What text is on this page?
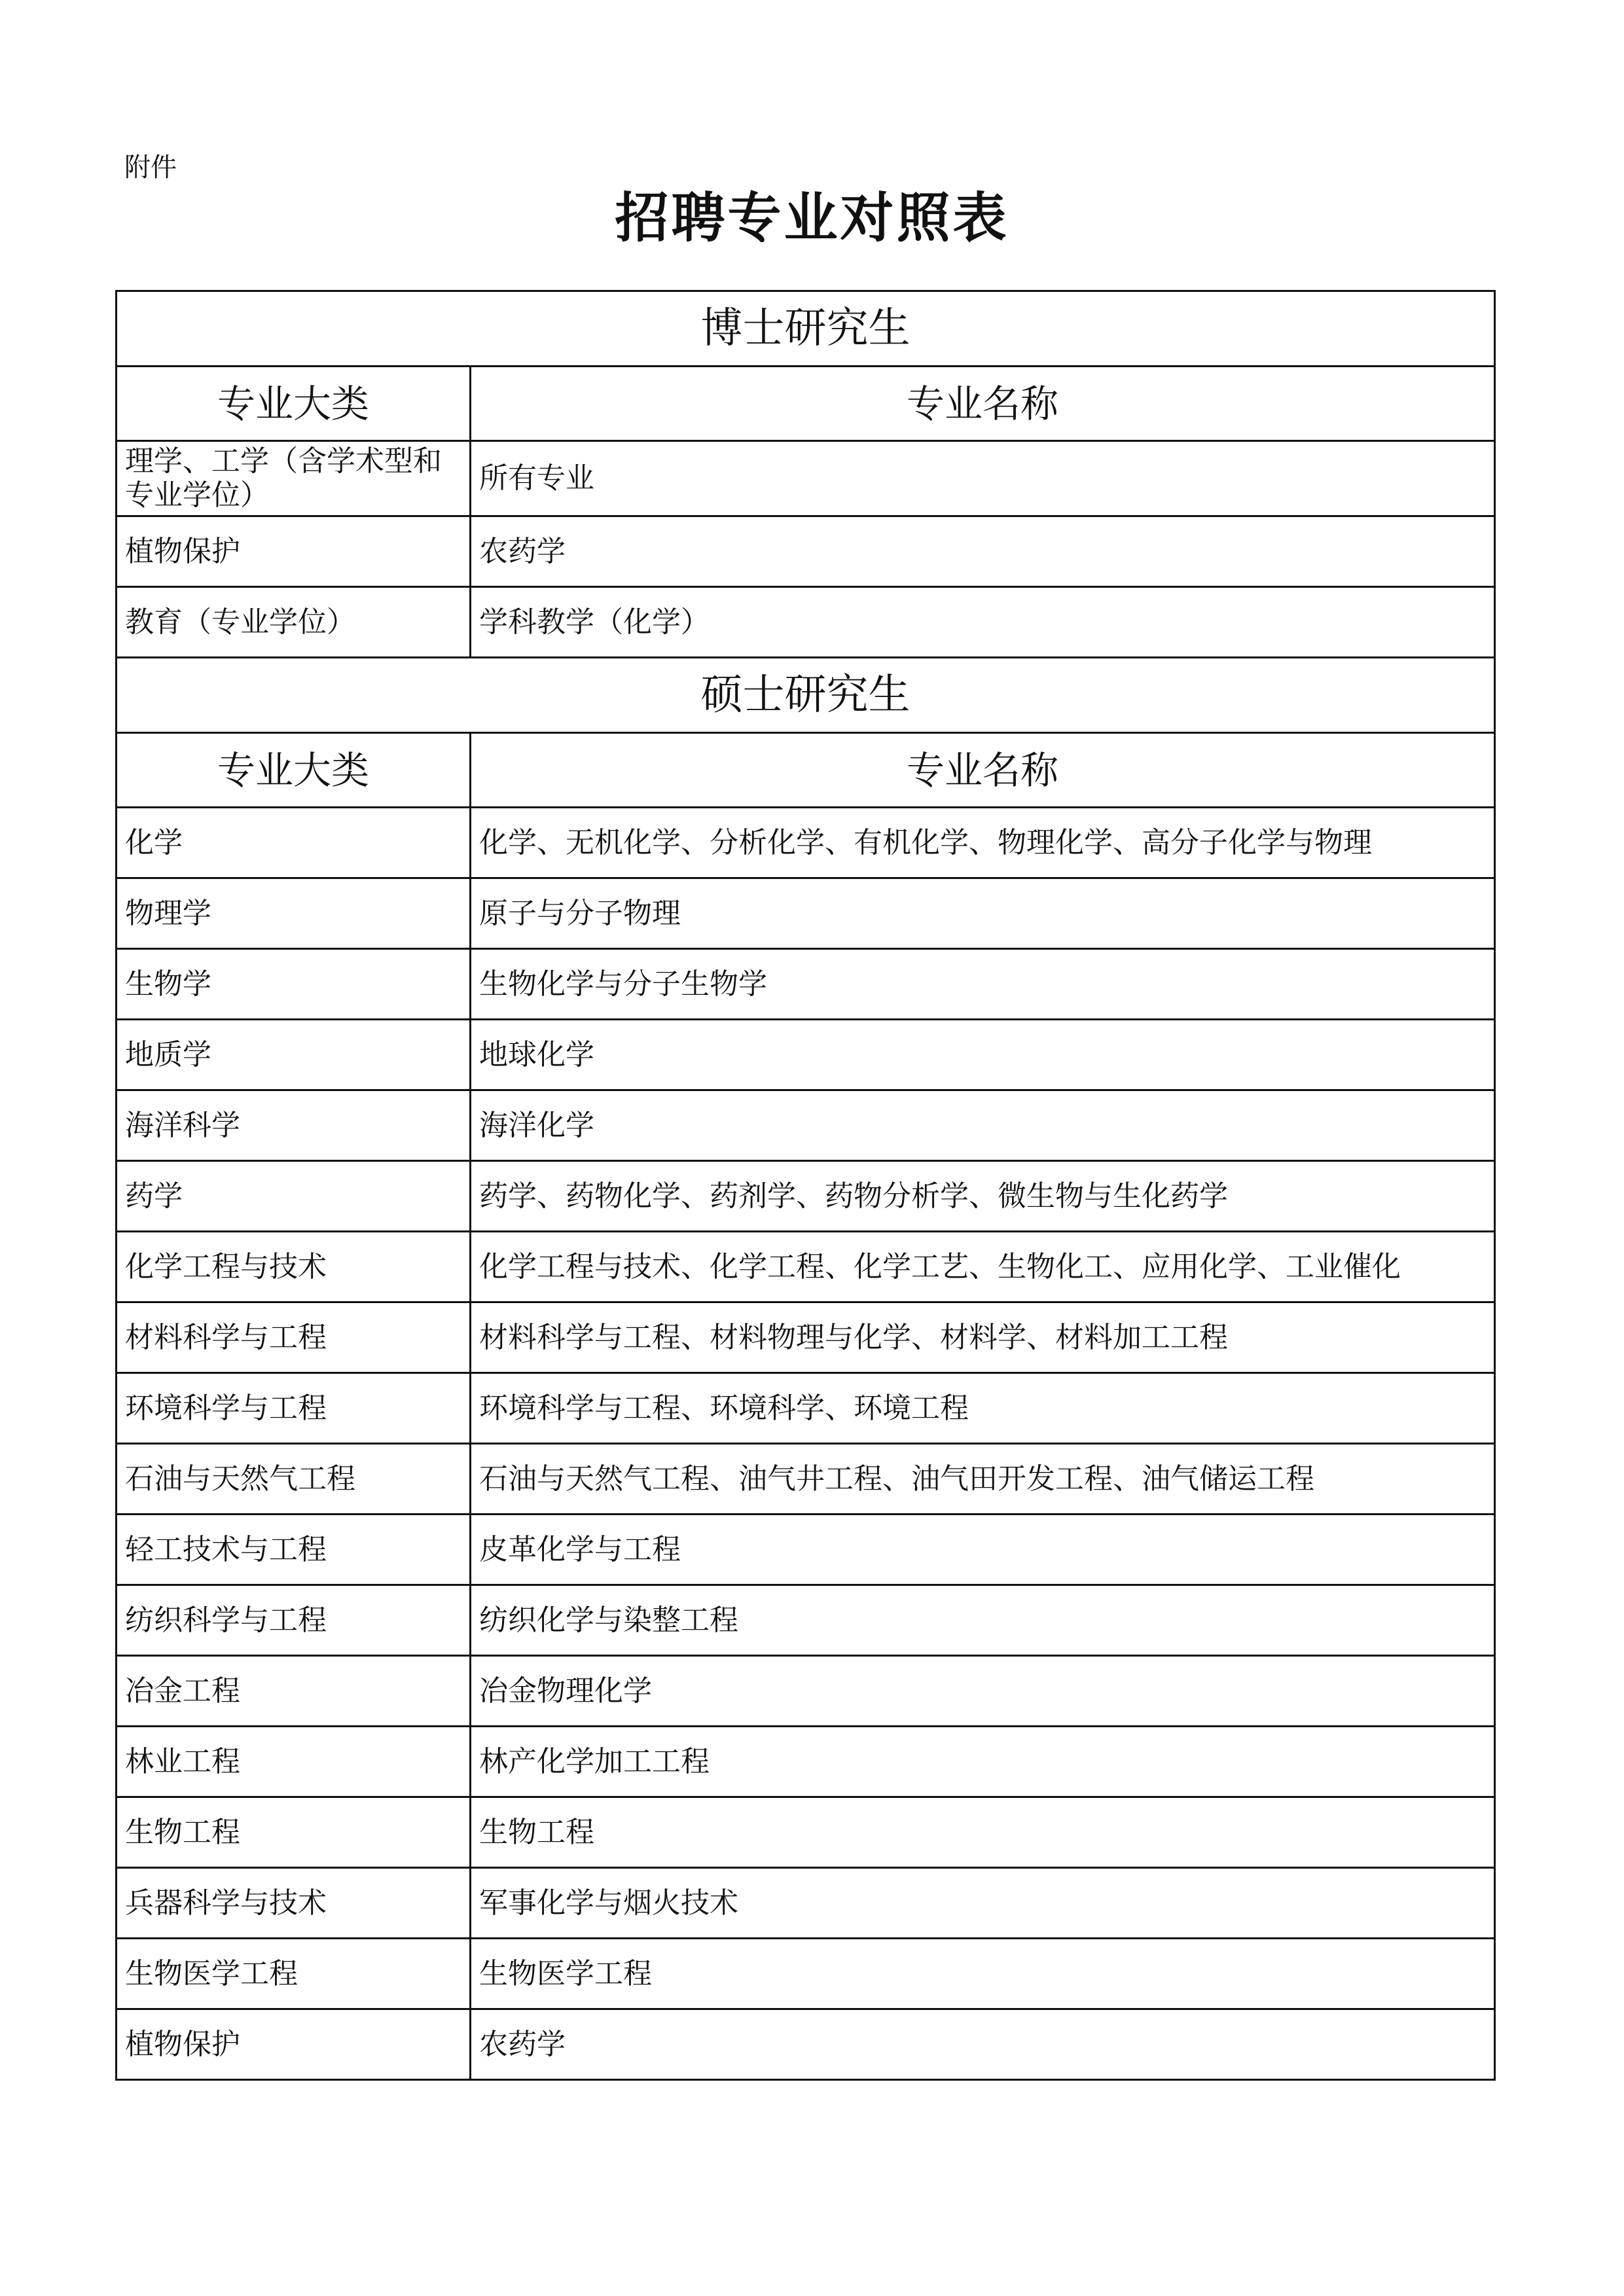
附件
招聘专业对照表
博士研究生	
专业大类	专业名称
理学、工学（含学术型和专业学位）	所有专业
植物保护	农药学
教育（专业学位）	学科教学（化学）
硕士研究生	
专业大类	专业名称
化学	化学、无机化学、分析化学、有机化学、物理化学、高分子化学与物理
物理学	原子与分子物理
生物学	生物化学与分子生物学
地质学	地球化学
海洋科学	海洋化学
药学	药学、药物化学、药剂学、药物分析学、微生物与生化药学
化学工程与技术	化学工程与技术、化学工程、化学工艺、生物化工、应用化学、工业催化
材料科学与工程	材料科学与工程、材料物理与化学、材料学、材料加工工程
环境科学与工程	环境科学与工程、环境科学、环境工程
石油与天然气工程	石油与天然气工程、油气井工程、油气田开发工程、油气储运工程
轻工技术与工程	皮革化学与工程
纺织科学与工程	纺织化学与染整工程
冶金工程	冶金物理化学
林业工程	林产化学加工工程
生物工程	生物工程
兵器科学与技术	军事化学与烟火技术
生物医学工程	生物医学工程
植物保护	农药学
